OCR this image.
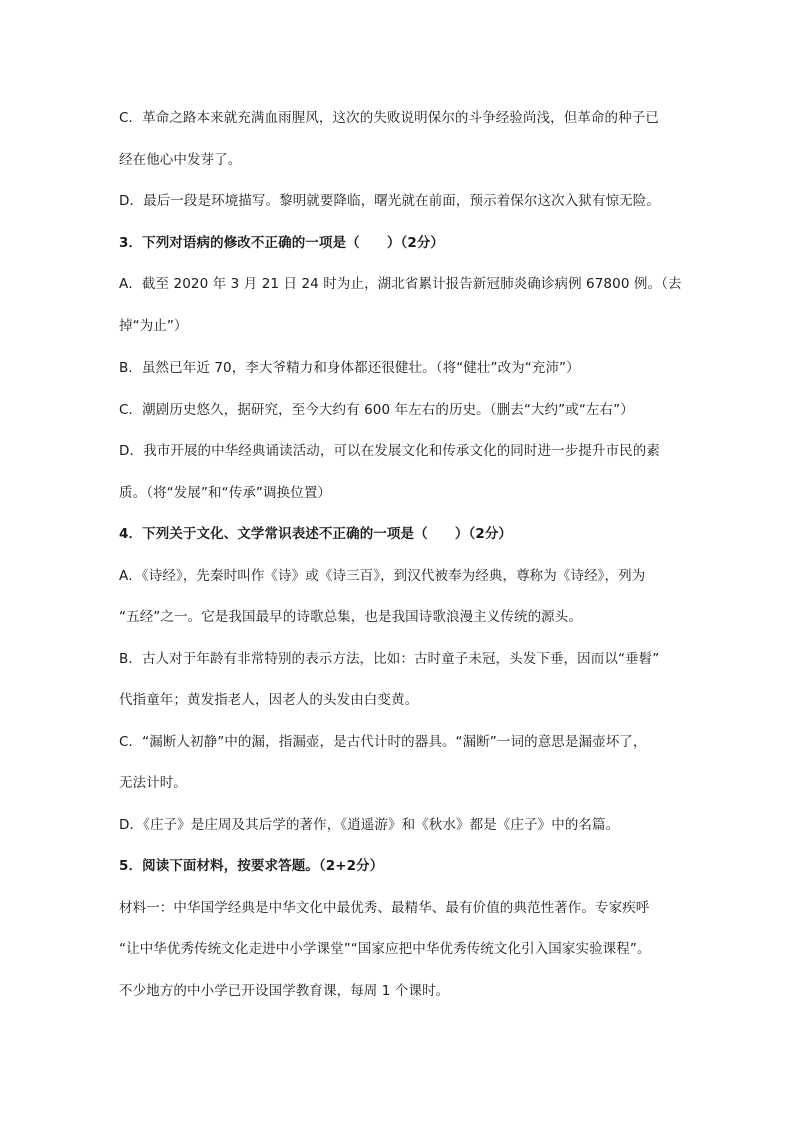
C．革命之路本来就充满血雨腥风，这次的失败说明保尔的斗争经验尚浅，但革命的种子已
经在他心中发芽了。
D．最后一段是环境描写。黎明就要降临，曙光就在前面，预示着保尔这次入狱有惊无险。
3．下列对语病的修改不正确的一项是（　　）（2分）
A．截至 2020 年 3 月 21 日 24 时为止，湖北省累计报告新冠肺炎确诊病例 67800 例。（去
掉“为止”）
B．虽然已年近 70，李大爷精力和身体都还很健壮。（将“健壮”改为“充沛”）
C．潮剧历史悠久，据研究，至今大约有 600 年左右的历史。（删去“大约”或“左右”）
D．我市开展的中华经典诵读活动，可以在发展文化和传承文化的同时进一步提升市民的素
质。（将“发展”和“传承”调换位置）
4．下列关于文化、文学常识表述不正确的一项是（　　）（2分）
A．《诗经》，先秦时叫作《诗》或《诗三百》，到汉代被奉为经典，尊称为《诗经》，列为
“五经”之一。它是我国最早的诗歌总集，也是我国诗歌浪漫主义传统的源头。
B．古人对于年龄有非常特别的表示方法，比如：古时童子未冠，头发下垂，因而以“垂髫”
代指童年；黄发指老人，因老人的头发由白变黄。
C．“漏断人初静”中的漏，指漏壶，是古代计时的器具。“漏断”一词的意思是漏壶坏了，
无法计时。
D．《庄子》是庄周及其后学的著作，《逍遥游》和《秋水》都是《庄子》中的名篇。
5．阅读下面材料，按要求答题。（2+2分）
材料一：中华国学经典是中华文化中最优秀、最精华、最有价值的典范性著作。专家疾呼
“让中华优秀传统文化走进中小学课堂”“国家应把中华优秀传统文化引入国家实验课程”。
不少地方的中小学已开设国学教育课，每周 1 个课时。
